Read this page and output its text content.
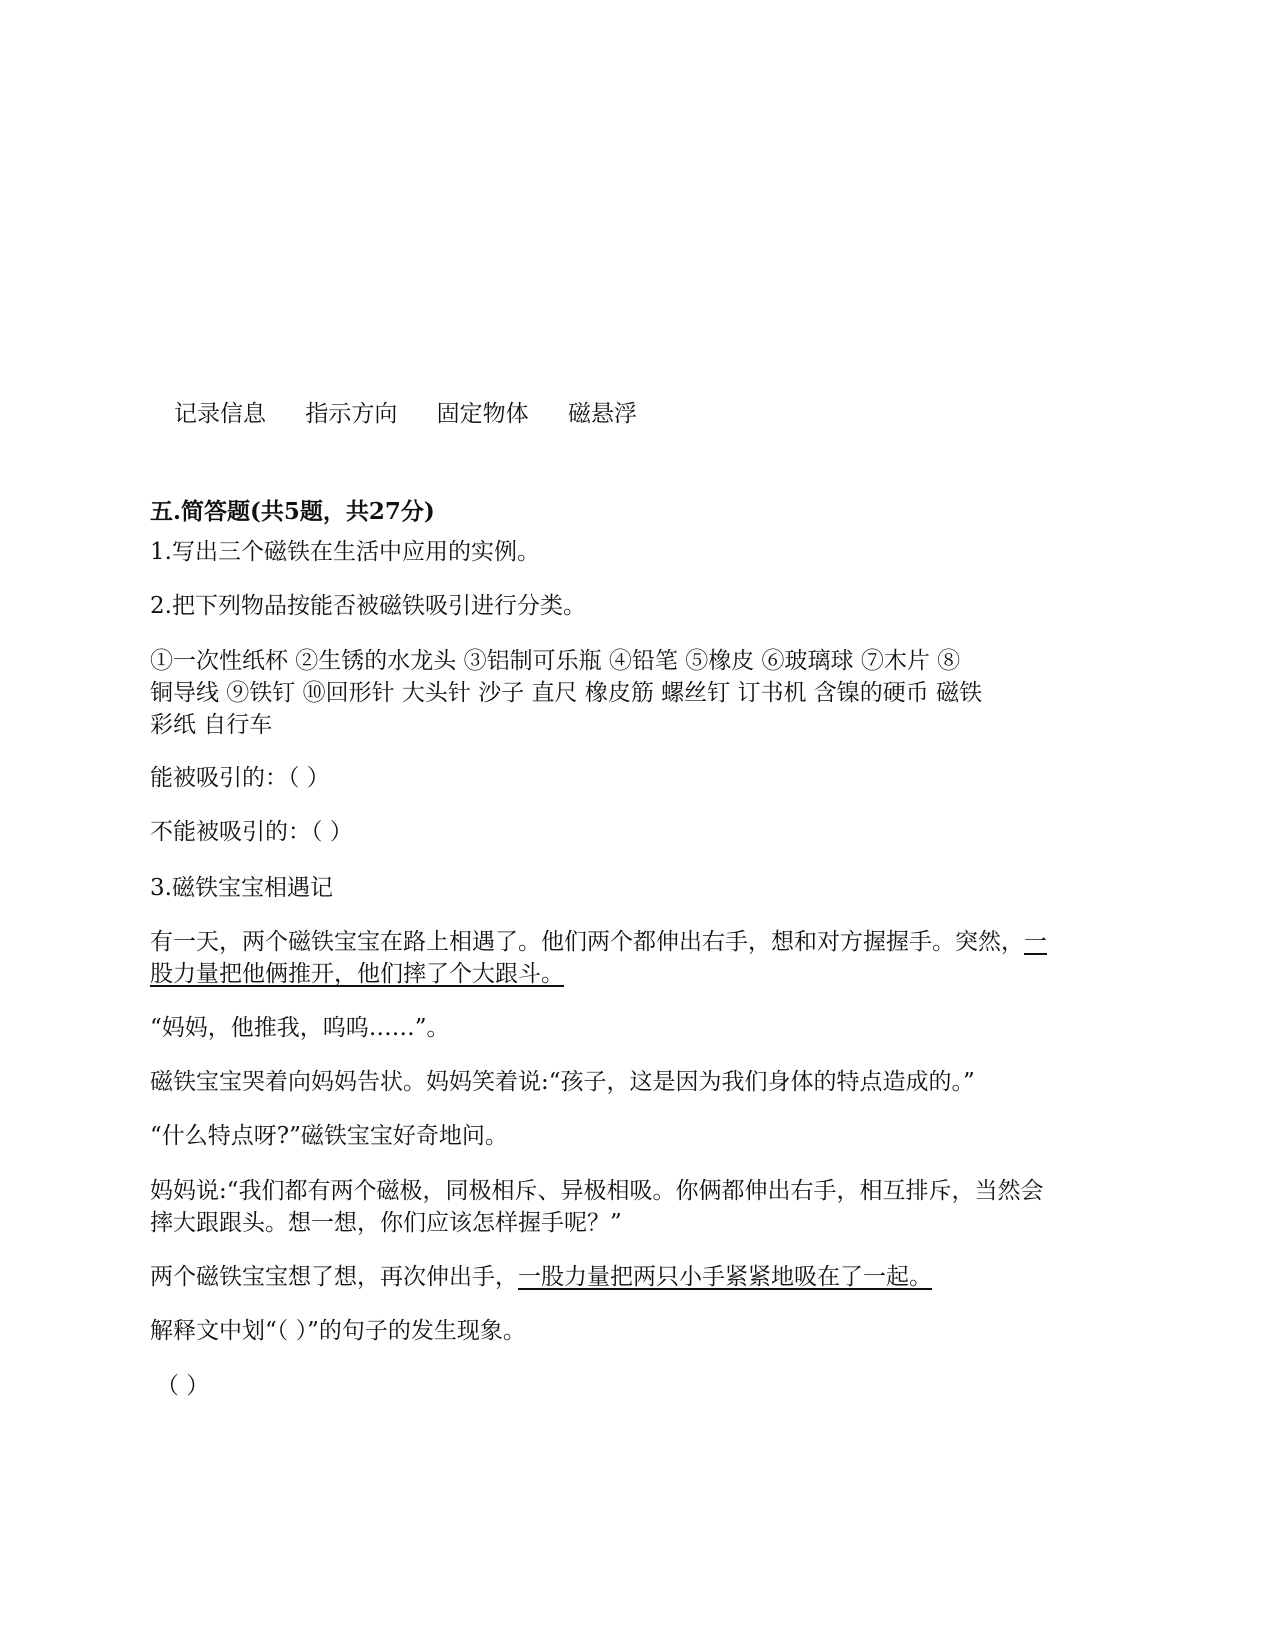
记录信息 指示方向 固定物体 磁悬浮
五.简答题(共5题，共27分)
1.写出三个磁铁在生活中应用的实例。
2.把下列物品按能否被磁铁吸引进行分类。
①一次性纸杯 ②生锈的水龙头 ③铝制可乐瓶 ④铅笔 ⑤橡皮 ⑥玻璃球 ⑦木片 ⑧
铜导线 ⑨铁钉 ⑩回形针 大头针 沙子 直尺 橡皮筋 螺丝钉 订书机 含镍的硬币 磁铁
彩纸 自行车
能被吸引的：（ ）
不能被吸引的：（ ）
3.磁铁宝宝相遇记
有一天，两个磁铁宝宝在路上相遇了。他们两个都伸出右手，想和对方握握手。突然，一
股力量把他俩推开，他们摔了个大跟斗。
“妈妈，他推我，呜呜……”。
磁铁宝宝哭着向妈妈告状。妈妈笑着说:“孩子，这是因为我们身体的特点造成的。”
“什么特点呀?”磁铁宝宝好奇地问。
妈妈说:“我们都有两个磁极，同极相斥、异极相吸。你俩都伸出右手，相互排斥，当然会
摔大跟跟头。想一想，你们应该怎样握手呢？”
两个磁铁宝宝想了想，再次伸出手，一股力量把两只小手紧紧地吸在了一起。
解释文中划“（ ）”的句子的发生现象。
（ ）
